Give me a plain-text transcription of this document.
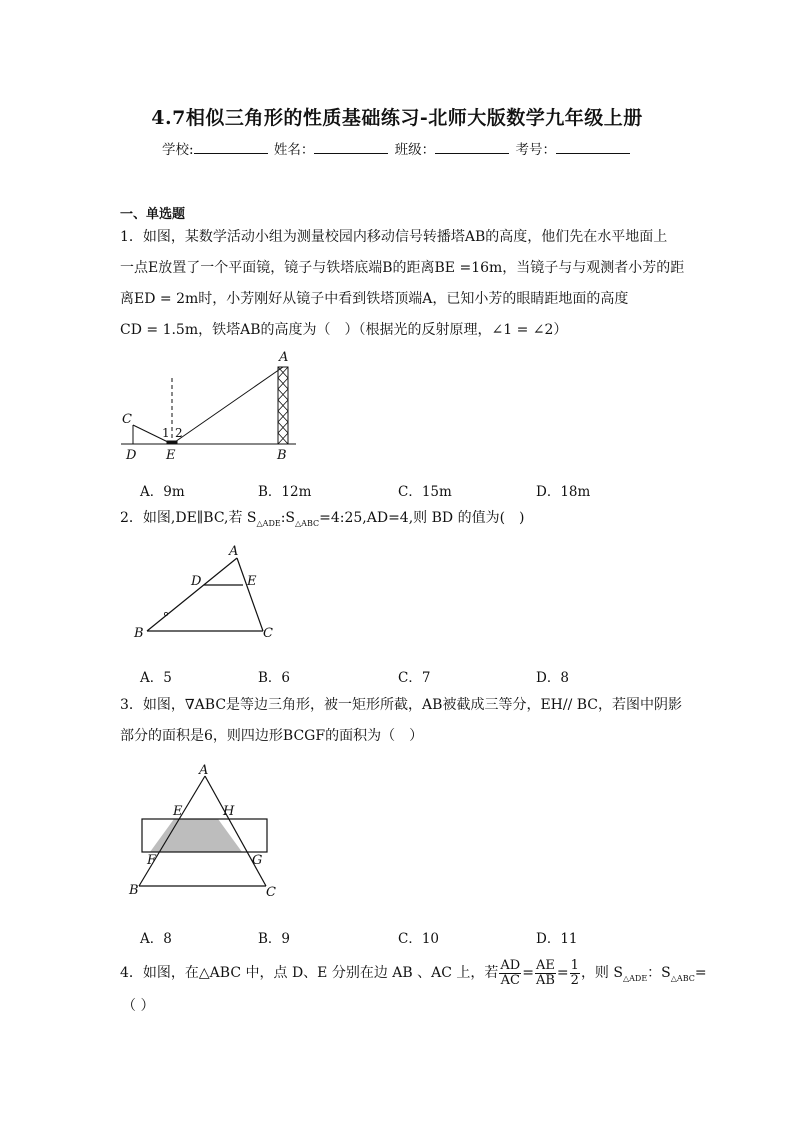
4.7相似三角形的性质基础练习-北师大版数学九年级上册
学校:	姓名：	班级：	考号：
一、单选题
1．如图，某数学活动小组为测量校园内移动信号转播塔AB的高度，他们先在水平地面上
一点E放置了一个平面镜，镜子与铁塔底端B的距离BE =16m，当镜子与与观测者小芳的距
离ED = 2m时，小芳刚好从镜子中看到铁塔顶端A，已知小芳的眼睛距地面的高度
CD = 1.5m，铁塔AB的高度为（　）（根据光的反射原理，∠1 = ∠2）
A
C
D E	B
1 2
A．9m	B．12m	C．15m	D．18m
2．如图,DE∥BC,若 $S_{\triangle ADE}:S_{\triangle ABC}=4:25,AD=4$,则 BD 的值为(　)
A
D	E
B	C
A．5	B．6	C．7	D．8
3．如图，∇ABC是等边三角形，被一矩形所截，AB被截成三等分，EH// BC，若图中阴影
部分的面积是6，则四边形BCGF的面积为（　）
A
E	H
F	G
B	C
A．8	B．9	C．10	D．11
4．如图，在△ABC 中，点 D、E 分别在边 AB 、AC 上，若 $\frac{AD}{AC} = \frac{AE}{AB} = \frac{1}{2}$ ，则 $S_{\triangle ADE}$：$S_{\triangle ABC}=$
（ ）
